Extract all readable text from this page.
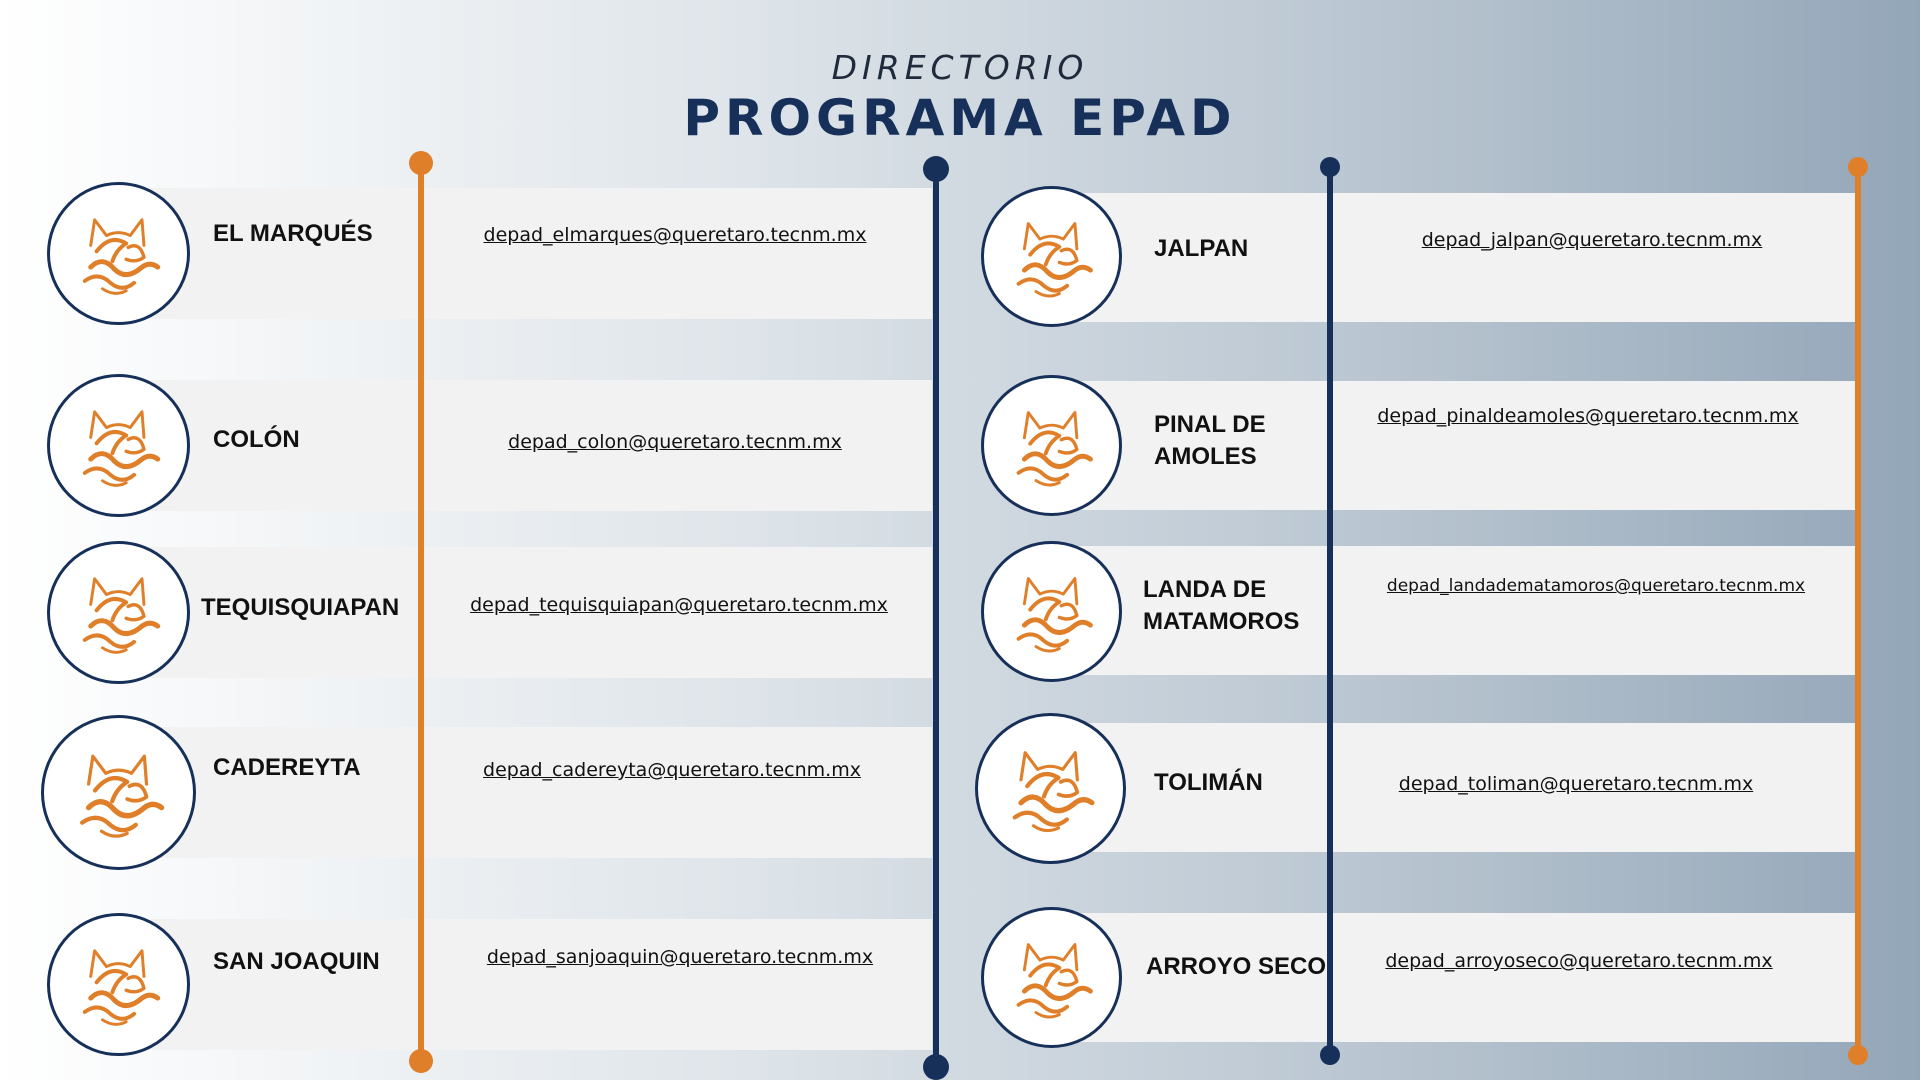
DIRECTORIO
PROGRAMA EPAD
EL MARQUÉS	depad_elmarques@queretaro.tecnm.mx
COLÓN	depad_colon@queretaro.tecnm.mx
TEQUISQUIAPAN	depad_tequisquiapan@queretaro.tecnm.mx
CADEREYTA	depad_cadereyta@queretaro.tecnm.mx
SAN JOAQUIN	depad_sanjoaquin@queretaro.tecnm.mx
JALPAN	depad_jalpan@queretaro.tecnm.mx
PINAL DE
AMOLES
depad_pinaldeamoles@queretaro.tecnm.mx
LANDA DE
MATAMOROS
depad_landadematamoros@queretaro.tecnm.mx
TOLIMÁN	depad_toliman@queretaro.tecnm.mx
ARROYO SECO	depad_arroyoseco@queretaro.tecnm.mx
